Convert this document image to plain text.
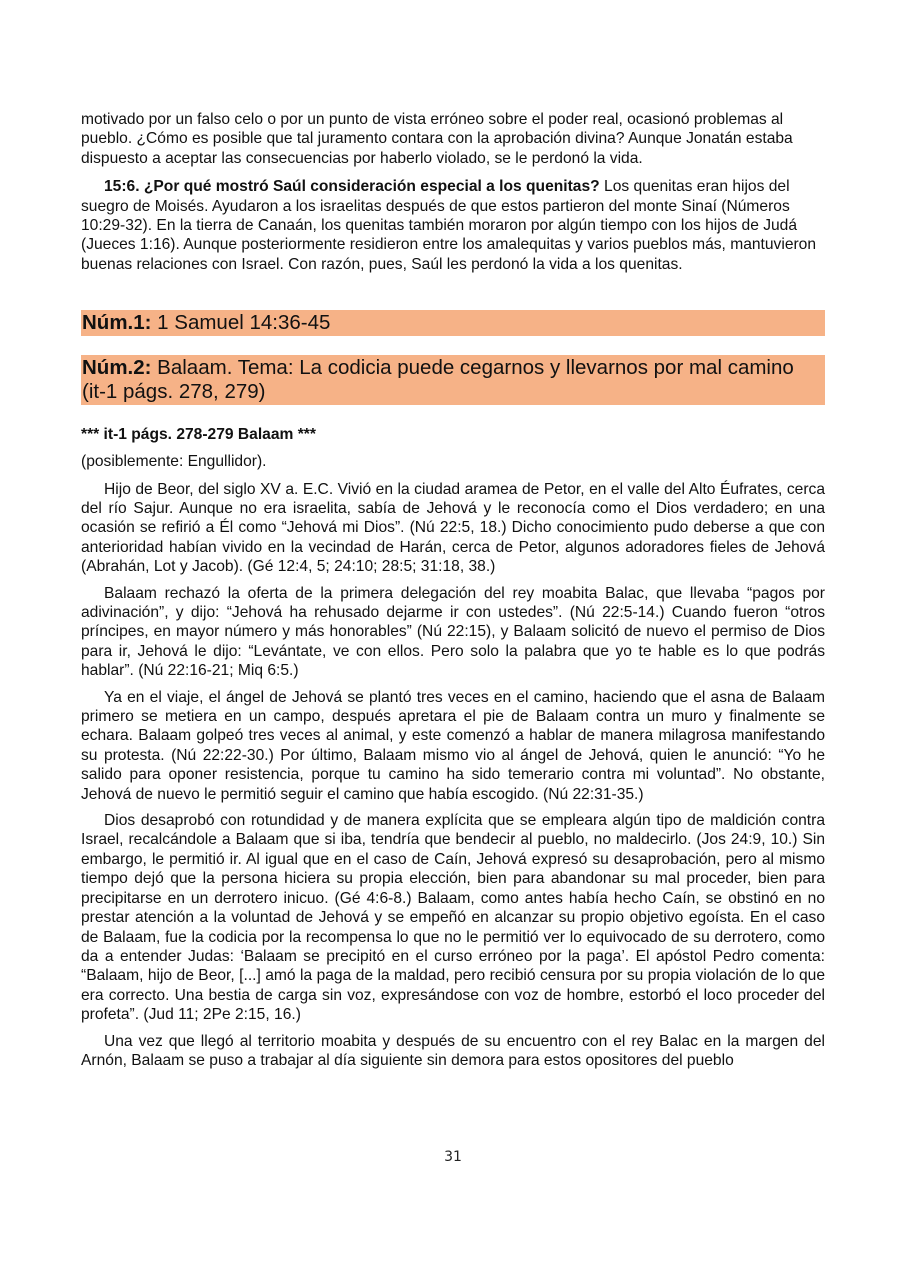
motivado por un falso celo o por un punto de vista erróneo sobre el poder real, ocasionó problemas al pueblo. ¿Cómo es posible que tal juramento contara con la aprobación divina? Aunque Jonatán estaba dispuesto a aceptar las consecuencias por haberlo violado, se le perdonó la vida.

15:6. ¿Por qué mostró Saúl consideración especial a los quenitas? Los quenitas eran hijos del suegro de Moisés. Ayudaron a los israelitas después de que estos partieron del monte Sinaí (Números 10:29-32). En la tierra de Canaán, los quenitas también moraron por algún tiempo con los hijos de Judá (Jueces 1:16). Aunque posteriormente residieron entre los amalequitas y varios pueblos más, mantuvieron buenas relaciones con Israel. Con razón, pues, Saúl les perdonó la vida a los quenitas.

Núm.1: 1 Samuel 14:36-45
Núm.2: Balaam. Tema: La codicia puede cegarnos y llevarnos por mal camino (it-1 págs. 278, 279)

*** it-1 págs. 278-279 Balaam ***

(posiblemente: Engullidor).

Hijo de Beor, del siglo XV a. E.C. Vivió en la ciudad aramea de Petor, en el valle del Alto Éufrates, cerca del río Sajur. Aunque no era israelita, sabía de Jehová y le reconocía como el Dios verdadero; en una ocasión se refirió a Él como “Jehová mi Dios”. (Nú 22:5, 18.) Dicho conocimiento pudo deberse a que con anterioridad habían vivido en la vecindad de Harán, cerca de Petor, algunos adoradores fieles de Jehová (Abrahán, Lot y Jacob). (Gé 12:4, 5; 24:10; 28:5; 31:18, 38.)

Balaam rechazó la oferta de la primera delegación del rey moabita Balac, que llevaba “pagos por adivinación”, y dijo: “Jehová ha rehusado dejarme ir con ustedes”. (Nú 22:5-14.) Cuando fueron “otros príncipes, en mayor número y más honorables” (Nú 22:15), y Balaam solicitó de nuevo el permiso de Dios para ir, Jehová le dijo: “Levántate, ve con ellos. Pero solo la palabra que yo te hable es lo que podrás hablar”. (Nú 22:16-21; Miq 6:5.)

Ya en el viaje, el ángel de Jehová se plantó tres veces en el camino, haciendo que el asna de Balaam primero se metiera en un campo, después apretara el pie de Balaam contra un muro y finalmente se echara. Balaam golpeó tres veces al animal, y este comenzó a hablar de manera milagrosa manifestando su protesta. (Nú 22:22-30.) Por último, Balaam mismo vio al ángel de Jehová, quien le anunció: “Yo he salido para oponer resistencia, porque tu camino ha sido temerario contra mi voluntad”. No obstante, Jehová de nuevo le permitió seguir el camino que había escogido. (Nú 22:31-35.)

Dios desaprobó con rotundidad y de manera explícita que se empleara algún tipo de maldición contra Israel, recalcándole a Balaam que si iba, tendría que bendecir al pueblo, no maldecirlo. (Jos 24:9, 10.) Sin embargo, le permitió ir. Al igual que en el caso de Caín, Jehová expresó su desaprobación, pero al mismo tiempo dejó que la persona hiciera su propia elección, bien para abandonar su mal proceder, bien para precipitarse en un derrotero inicuo. (Gé 4:6-8.) Balaam, como antes había hecho Caín, se obstinó en no prestar atención a la voluntad de Jehová y se empeñó en alcanzar su propio objetivo egoísta. En el caso de Balaam, fue la codicia por la recompensa lo que no le permitió ver lo equivocado de su derrotero, como da a entender Judas: ‘Balaam se precipitó en el curso erróneo por la paga’. El apóstol Pedro comenta: “Balaam, hijo de Beor, [...] amó la paga de la maldad, pero recibió censura por su propia violación de lo que era correcto. Una bestia de carga sin voz, expresándose con voz de hombre, estorbó el loco proceder del profeta”. (Jud 11; 2Pe 2:15, 16.)

Una vez que llegó al territorio moabita y después de su encuentro con el rey Balac en la margen del Arnón, Balaam se puso a trabajar al día siguiente sin demora para estos opositores del pueblo

31
